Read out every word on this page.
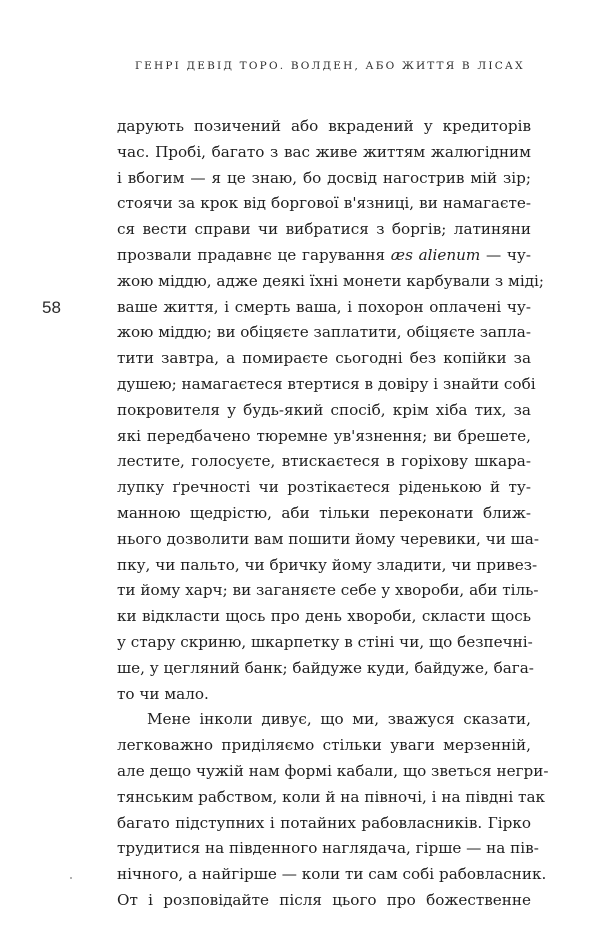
ГЕНРІ ДЕВІД ТОРО. ВОЛДЕН, АБО ЖИТТЯ В ЛІСАХ
58
дарують позичений або вкрадений у кредиторів
час. Пробі, багато з вас живе життям жалюгідним
і вбогим — я це знаю, бо досвід нагострив мій зір;
стоячи за крок від боргової в'язниці, ви намагаєте-
ся вести справи чи вибратися з боргів; латиняни
прозвали прадавнє це гарування æs alienum — чу-
жою міддю, адже деякі їхні монети карбували з міді;
ваше життя, і смерть ваша, і похорон оплачені чу-
жою міддю; ви обіцяєте заплатити, обіцяєте запла-
тити завтра, а помираєте сьогодні без копійки за
душею; намагаєтеся втертися в довіру і знайти собі
покровителя у будь-який спосіб, крім хіба тих, за
які передбачено тюремне ув'язнення; ви брешете,
лестите, голосуєте, втискаєтеся в горіхову шкара-
лупку ґречності чи розтікаєтеся ріденькою й ту-
манною щедрістю, аби тільки переконати ближ-
нього дозволити вам пошити йому черевики, чи ша-
пку, чи пальто, чи бричку йому зладити, чи привез-
ти йому харч; ви заганяєте себе у хвороби, аби тіль-
ки відкласти щось про день хвороби, скласти щось
у стару скриню, шкарпетку в стіні чи, що безпечні-
ше, у цегляний банк; байдуже куди, байдуже, бага-
то чи мало.
Мене інколи дивує, що ми, зважуся сказати,
легковажно приділяємо стільки уваги мерзенній,
але дещо чужій нам формі кабали, що зветься негри-
тянським рабством, коли й на півночі, і на півдні так
багато підступних і потайних рабовласників. Гірко
трудитися на південного наглядача, гірше — на пів-
нічного, а найгірше — коли ти сам собі рабовласник.
От і розповідайте після цього про божественне
